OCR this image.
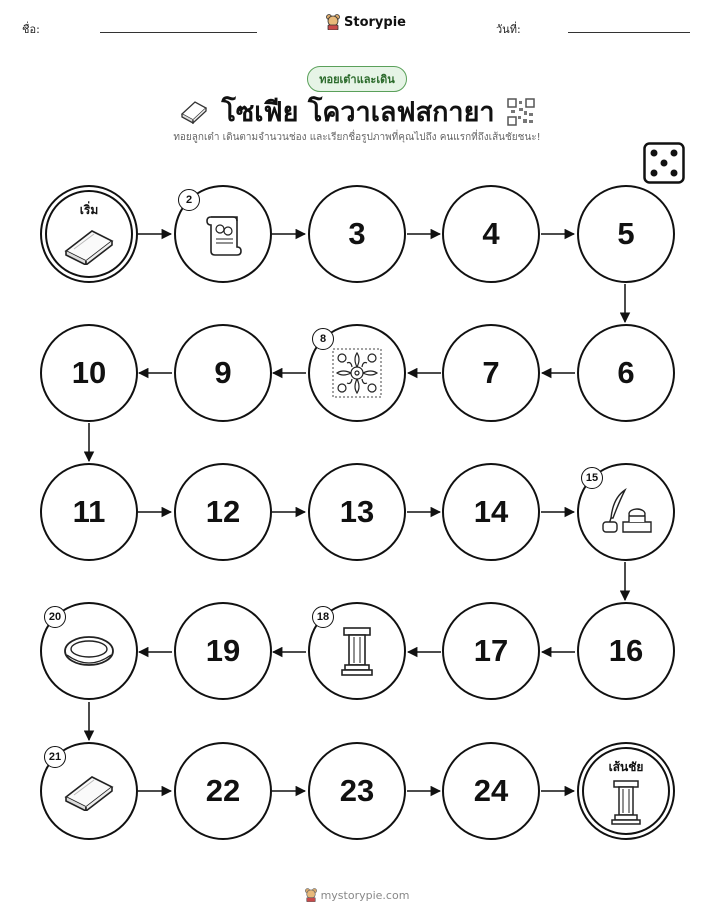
ชื่อ:	Storypie	วันที่:
ทอยเต๋าและเดิน
โซเฟีย โควาเลฟสกายา
ทอยลูกเต๋า เดินตามจำนวนช่อง และเรียกชื่อรูปภาพที่คุณไปถึง คนแรกที่ถึงเส้นชัยชนะ!
เริ่ม
เส้นชัย
2
3	4	5
6
7
8
9
10
11	12	13	14
15
16
17
18
19
20
21
22	23	24
mystorypie.com
